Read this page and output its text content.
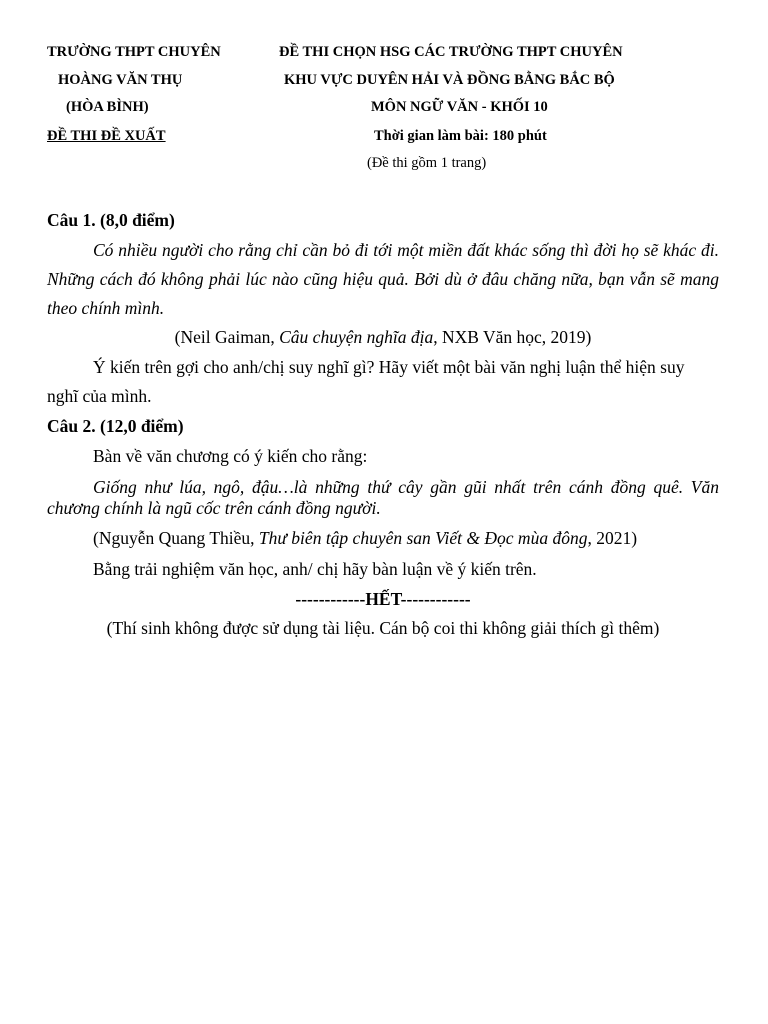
TRƯỜNG THPT CHUYÊN
HOÀNG VĂN THỤ
(HÒA BÌNH)
ĐỀ THI ĐỀ XUẤT
ĐỀ THI CHỌN HSG CÁC TRƯỜNG THPT CHUYÊN
KHU VỰC DUYÊN HẢI VÀ ĐỒNG BẰNG BẮC BỘ
MÔN NGỮ VĂN - KHỐI 10
Thời gian làm bài: 180 phút
(Đề thi gồm 1 trang)
Câu 1. (8,0 điểm)
Có nhiều người cho rằng chỉ cần bỏ đi tới một miền đất khác sống thì đời họ sẽ khác đi. Những cách đó không phải lúc nào cũng hiệu quả. Bởi dù ở đâu chăng nữa, bạn vẫn sẽ mang theo chính mình.
(Neil Gaiman, Câu chuyện nghĩa địa, NXB Văn học, 2019)
Ý kiến trên gợi cho anh/chị suy nghĩ gì? Hãy viết một bài văn nghị luận thể hiện suy nghĩ của mình.
Câu 2. (12,0 điểm)
Bàn về văn chương có ý kiến cho rằng:
Giống như lúa, ngô, đậu…là những thứ cây gần gũi nhất trên cánh đồng quê. Văn chương chính là ngũ cốc trên cánh đồng người.
(Nguyễn Quang Thiều, Thư biên tập chuyên san Viết & Đọc mùa đông, 2021)
Bằng trải nghiệm văn học, anh/ chị hãy bàn luận về ý kiến trên.
------------HẾT------------
(Thí sinh không được sử dụng tài liệu. Cán bộ coi thi không giải thích gì thêm)
